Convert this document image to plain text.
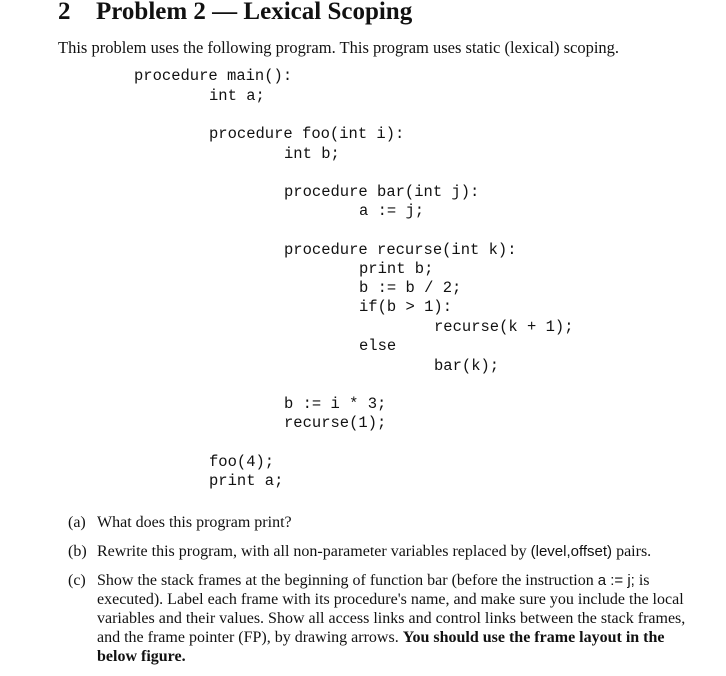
2 Problem 2 — Lexical Scoping
This problem uses the following program. This program uses static (lexical) scoping.

procedure main():

int a;

procedure foo(int i):

int b;

procedure bar(int j):

a := j;

procedure recurse(int k):

print b;

b := b / 2;

if(b > 1):

recurse(k + 1);

else

bar(k);

b := i * 3;

recurse(1);

foo(4);

print a;

(a) What does this program print?
(b) Rewrite this program, with all non-parameter variables replaced by (level,offset) pairs.
(c) Show the stack frames at the beginning of function bar (before the instruction a := j; is executed). Label each frame with its procedure's name, and make sure you include the local variables and their values. Show all access links and control links between the stack frames, and the frame pointer (FP), by drawing arrows. You should use the frame layout in the below figure.
